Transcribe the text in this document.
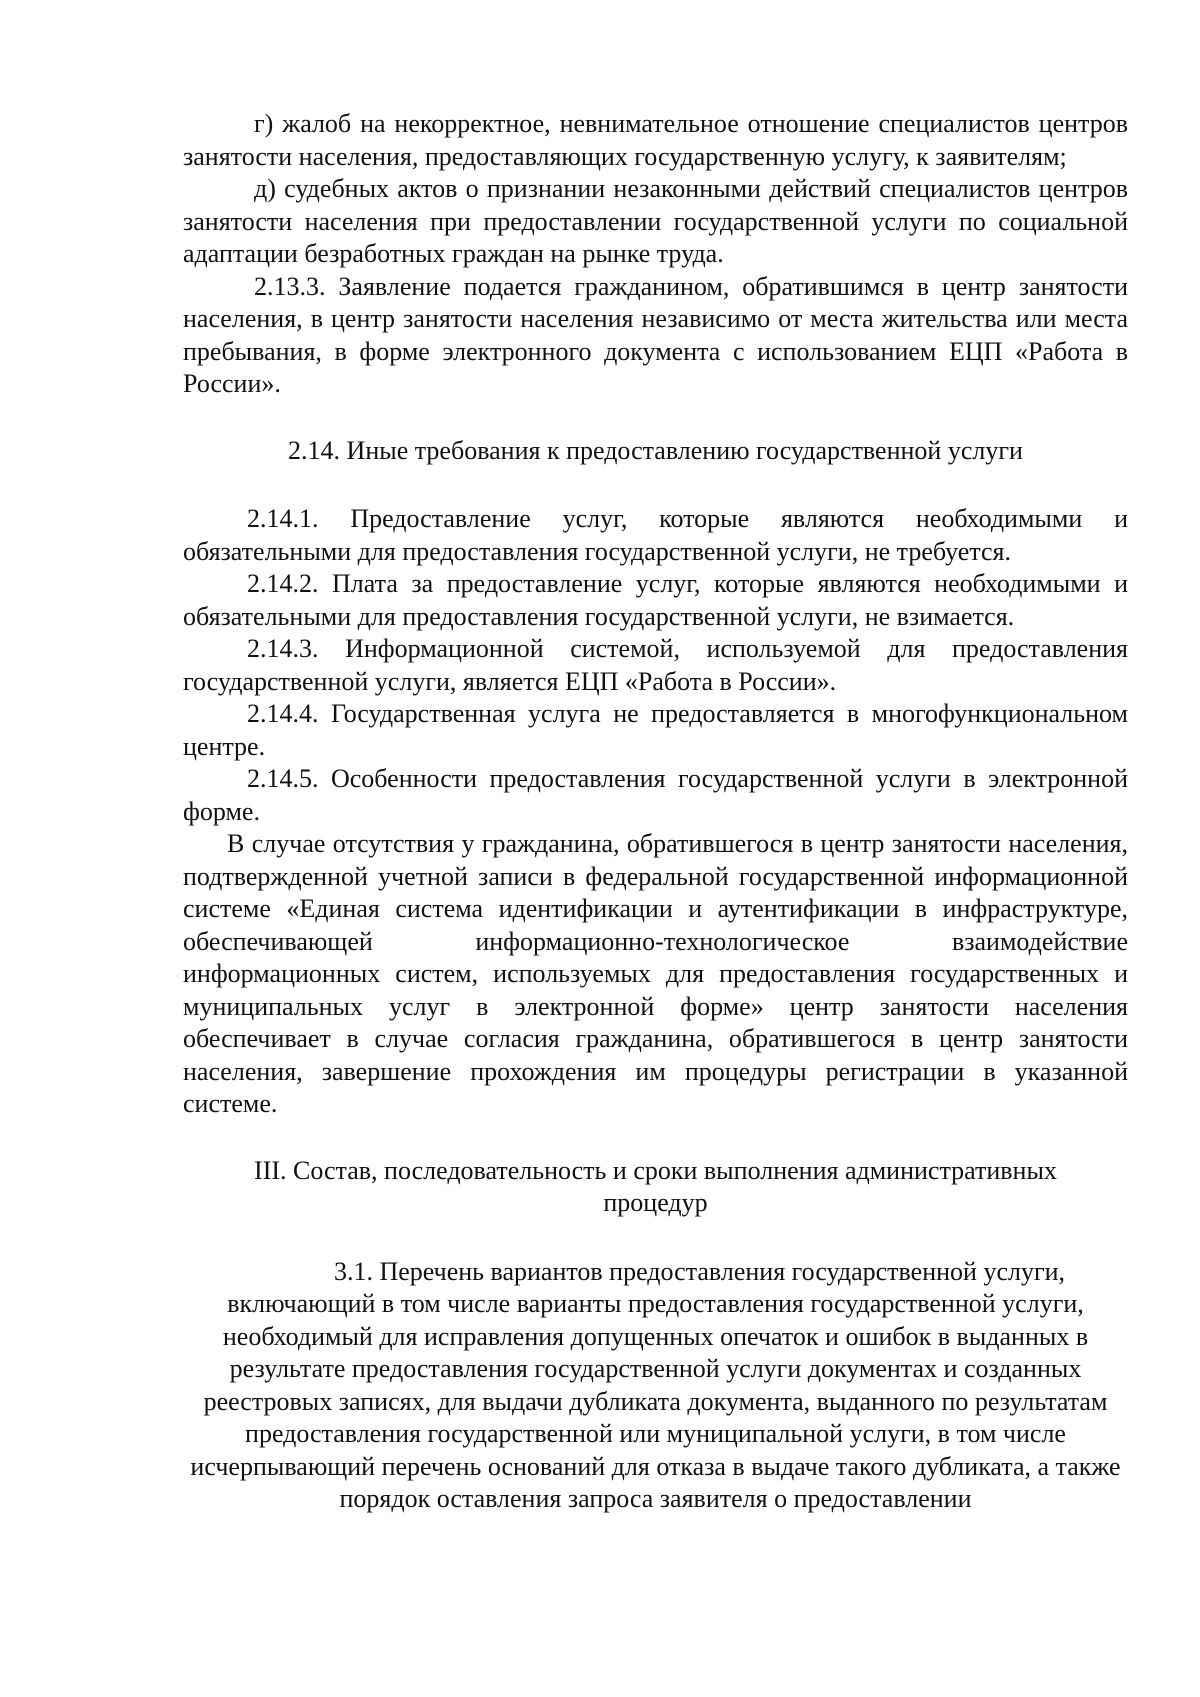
г) жалоб на некорректное, невнимательное отношение специалистов центров занятости населения, предоставляющих государственную услугу, к заявителям;

д) судебных актов о признании незаконными действий специалистов центров занятости населения при предоставлении государственной услуги по социальной адаптации безработных граждан на рынке труда.

2.13.3. Заявление подается гражданином, обратившимся в центр занятости населения, в центр занятости населения независимо от места жительства или места пребывания, в форме электронного документа с использованием ЕЦП «Работа в России».

2.14. Иные требования к предоставлению государственной услуги

2.14.1. Предоставление услуг, которые являются необходимыми и обязательными для предоставления государственной услуги, не требуется.

2.14.2. Плата за предоставление услуг, которые являются необходимыми и обязательными для предоставления государственной услуги, не взимается.

2.14.3. Информационной системой, используемой для предоставления государственной услуги, является ЕЦП «Работа в России».

2.14.4. Государственная услуга не предоставляется в многофункциональном центре.

2.14.5. Особенности предоставления государственной услуги в электронной форме.

В случае отсутствия у гражданина, обратившегося в центр занятости населения, подтвержденной учетной записи в федеральной государственной информационной системе «Единая система идентификации и аутентификации в инфраструктуре, обеспечивающей информационно-технологическое взаимодействие информационных систем, используемых для предоставления государственных и муниципальных услуг в электронной форме» центр занятости населения обеспечивает в случае согласия гражданина, обратившегося в центр занятости населения, завершение прохождения им процедуры регистрации в указанной системе.

III. Состав, последовательность и сроки выполнения административных

процедур

3.1. Перечень вариантов предоставления государственной услуги,

включающий в том числе варианты предоставления государственной услуги, необходимый для исправления допущенных опечаток и ошибок в выданных в результате предоставления государственной услуги документах и созданных реестровых записях, для выдачи дубликата документа, выданного по результатам предоставления государственной или муниципальной услуги, в том числе исчерпывающий перечень оснований для отказа в выдаче такого дубликата, а также порядок оставления запроса заявителя о предоставлении
